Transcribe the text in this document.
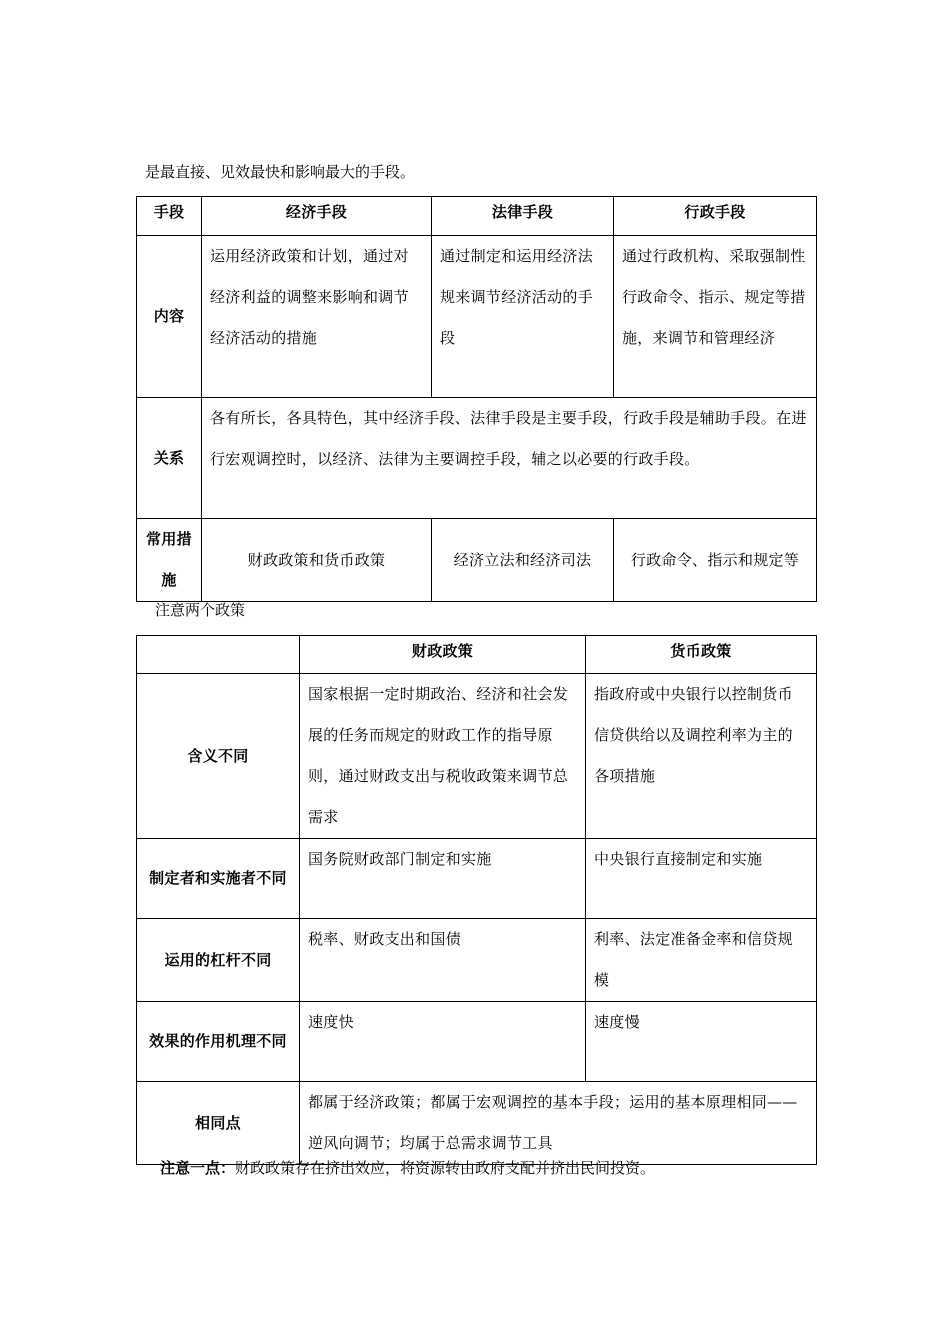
是最直接、见效最快和影响最大的手段。
手段	经济手段	法律手段	行政手段
内容	运用经济政策和计划，通过对经济利益的调整来影响和调节经济活动的措施	通过制定和运用经济法规来调节经济活动的手段	通过行政机构、采取强制性行政命令、指示、规定等措施，来调节和管理经济
关系	各有所长，各具特色，其中经济手段、法律手段是主要手段，行政手段是辅助手段。在进行宏观调控时，以经济、法律为主要调控手段，辅之以必要的行政手段。		
常用措施	财政政策和货币政策	经济立法和经济司法	行政命令、指示和规定等
注意两个政策
	财政政策	货币政策
含义不同	国家根据一定时期政治、经济和社会发展的任务而规定的财政工作的指导原则，通过财政支出与税收政策来调节总需求	指政府或中央银行以控制货币信贷供给以及调控利率为主的各项措施
制定者和实施者不同	国务院财政部门制定和实施	中央银行直接制定和实施
运用的杠杆不同	税率、财政支出和国债	利率、法定准备金率和信贷规模
效果的作用机理不同	速度快	速度慢
相同点	都属于经济政策；都属于宏观调控的基本手段；运用的基本原理相同——逆风向调节；均属于总需求调节工具	
注意一点：财政政策存在挤出效应，将资源转由政府支配并挤出民间投资。
